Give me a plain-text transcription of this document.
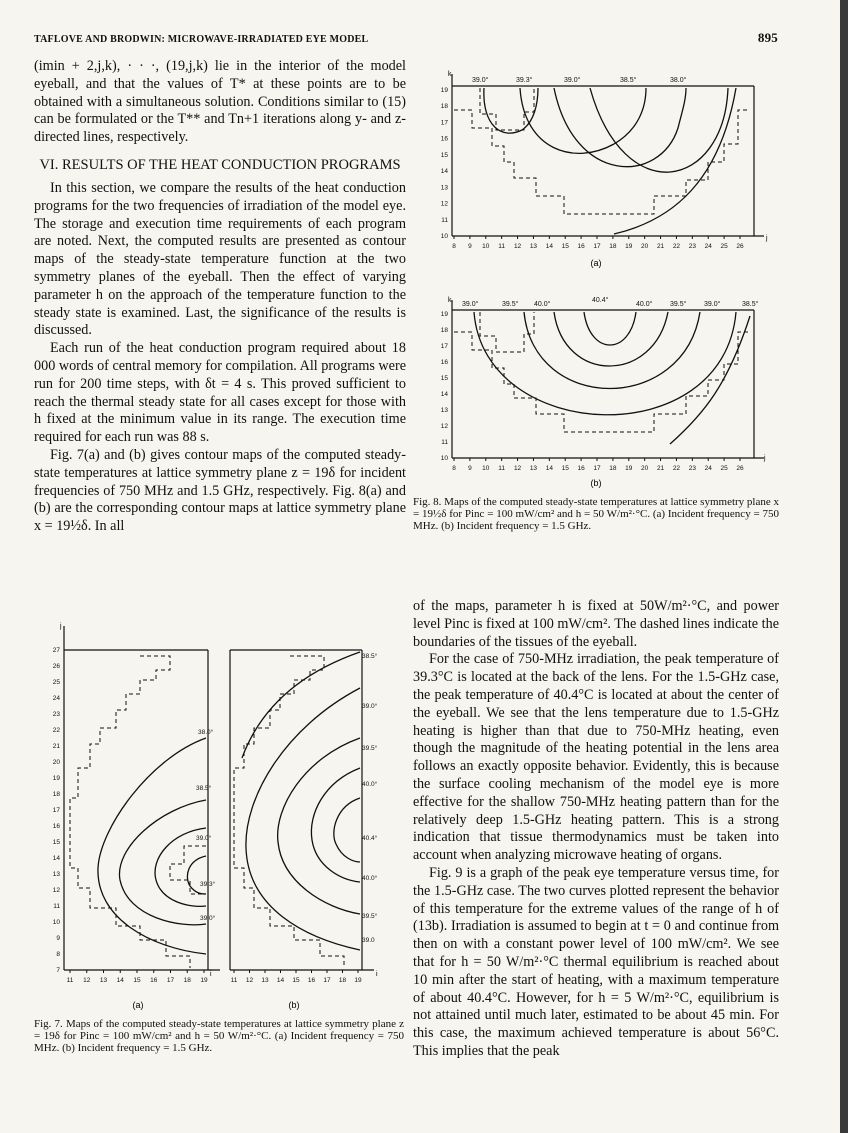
TAFLOVE AND BRODWIN: MICROWAVE-IRRADIATED EYE MODEL	895

(imin + 2,j,k), · · ·, (19,j,k) lie in the interior of the model eyeball, and that the values of T* at these points are to be obtained with a simultaneous solution. Conditions similar to (15) can be formulated or the T** and Tn+1 iterations along y- and z-directed lines, respectively.

VI. RESULTS OF THE HEAT CONDUCTION PROGRAMS

In this section, we compare the results of the heat conduction programs for the two frequencies of irradiation of the model eye. The storage and execution time requirements of each program are noted. Next, the computed results are presented as contour maps of the steady-state temperature function at the two symmetry planes of the eyeball. Then the effect of varying parameter h on the approach of the temperature function to the steady state is examined. Last, the significance of the results is discussed.

Each run of the heat conduction program required about 18 000 words of central memory for compilation. All programs were run for 200 time steps, with δt = 4 s. This proved sufficient to reach the thermal steady state for all cases except for those with h fixed at the minimum value in its range. The execution time required for each run was 88 s.

Fig. 7(a) and (b) gives contour maps of the computed steady-state temperatures at lattice symmetry plane z = 19δ for incident frequencies of 750 MHz and 1.5 GHz, respectively. Fig. 8(a) and (b) are the corresponding contour maps at lattice symmetry plane x = 19½δ. In all

39.0°	39.3°	39.0°	38.5°	38.0°
8 9 10 11 12 13 14 15 16 17 18 19 20 21 22 23 24 25 26
10
11
12
13
14
15
16
17
18
19
j
k
(a)
39.0°	39.5° 40.0°
40.4°
40.0°	39.5°	39.0°	38.5°
8 9 10 11 12 13 14 15 16 17 18 19 20 21 22 23 24 25 26
10
11
12
13
14
15
16
17
18
19
j
k
(b)
Fig. 8. Maps of the computed steady-state temperatures at lattice symmetry plane x = 19½δ for Pinc = 100 mW/cm² and h = 50 W/m²·°C. (a) Incident frequency = 750 MHz. (b) Incident frequency = 1.5 GHz.
38.0°
38.5°
39.0°
39.3°
39.0°
11 12 13 14 15 16 17 18 19
7
8
9
10
11
12
13
14
15
16
17
18
19
20
21
22
23
24
25
26
27
i
j
(a)
38.5°
39.0°
39.5°
40.0°
40.4°
40.0°
39.5°
39.0
11 12 13 14 15 16 17 18 19
i
(b)
Fig. 7. Maps of the computed steady-state temperatures at lattice symmetry plane z = 19δ for Pinc = 100 mW/cm² and h = 50 W/m²·°C. (a) Incident frequency = 750 MHz. (b) Incident frequency = 1.5 GHz.

of the maps, parameter h is fixed at 50W/m²·°C, and power level Pinc is fixed at 100 mW/cm². The dashed lines indicate the boundaries of the tissues of the eyeball.

For the case of 750-MHz irradiation, the peak temperature of 39.3°C is located at the back of the lens. For the 1.5-GHz case, the peak temperature of 40.4°C is located at about the center of the eyeball. We see that the lens temperature due to 1.5-GHz heating is higher than that due to 750-MHz heating, even though the magnitude of the heating potential in the lens area follows an exactly opposite behavior. Evidently, this is because the surface cooling mechanism of the model eye is more effective for the shallow 750-MHz heating pattern than for the relatively deep 1.5-GHz heating pattern. This is a strong indication that tissue thermodynamics must be taken into account when analyzing microwave heating of organs.

Fig. 9 is a graph of the peak eye temperature versus time, for the 1.5-GHz case. The two curves plotted represent the behavior of this temperature for the extreme values of the range of h of (13b). Irradiation is assumed to begin at t = 0 and continue from then on with a constant power level of 100 mW/cm². We see that for h = 50 W/m²·°C thermal equilibrium is reached about 10 min after the start of heating, with a maximum temperature of about 40.4°C. However, for h = 5 W/m²·°C, equilibrium is not attained until much later, estimated to be about 45 min. For this case, the maximum achieved temperature is about 56°C. This implies that the peak
